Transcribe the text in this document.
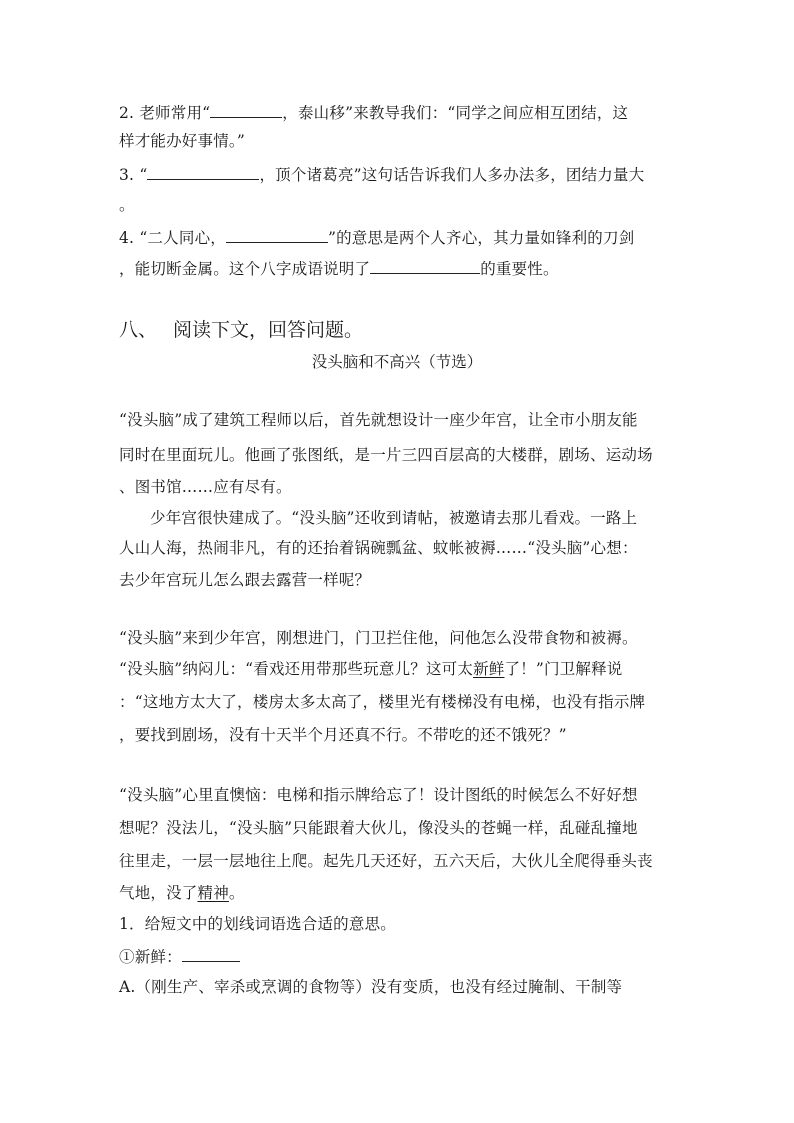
2. 老师常用“	，泰山移”来教导我们：“同学之间应相互团结，这
样才能办好事情。”
3. “	，顶个诸葛亮”这句话告诉我们人多办法多，团结力量大
。
4. “二人同心，	”的意思是两个人齐心，其力量如锋利的刀剑
，能切断金属。这个八字成语说明了	的重要性。
八、 阅读下文，回答问题。
没头脑和不高兴（节选）
“没头脑”成了建筑工程师以后，首先就想设计一座少年宫，让全市小朋友能
同时在里面玩儿。他画了张图纸，是一片三四百层高的大楼群，剧场、运动场
、图书馆……应有尽有。
少年宫很快建成了。“没头脑”还收到请帖，被邀请去那儿看戏。一路上
人山人海，热闹非凡，有的还抬着锅碗瓢盆、蚊帐被褥……“没头脑”心想：
去少年宫玩儿怎么跟去露营一样呢？
“没头脑”来到少年宫，刚想进门，门卫拦住他，问他怎么没带食物和被褥。
“没头脑”纳闷儿：“看戏还用带那些玩意儿？这可太新鲜了！”门卫解释说
：“这地方太大了，楼房太多太高了，楼里光有楼梯没有电梯，也没有指示牌
，要找到剧场，没有十天半个月还真不行。不带吃的还不饿死？”
“没头脑”心里直懊恼：电梯和指示牌给忘了！设计图纸的时候怎么不好好想
想呢？没法儿，“没头脑”只能跟着大伙儿，像没头的苍蝇一样，乱碰乱撞地
往里走，一层一层地往上爬。起先几天还好，五六天后，大伙儿全爬得垂头丧
气地，没了精神。
1．给短文中的划线词语选合适的意思。
①新鲜：
A.（刚生产、宰杀或烹调的食物等）没有变质，也没有经过腌制、干制等
